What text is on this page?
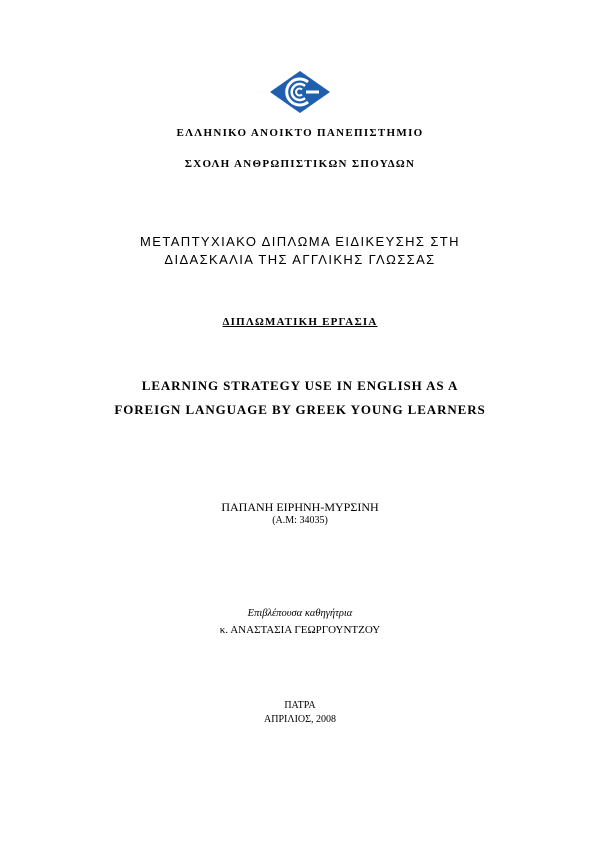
ΕΛΛΗΝΙΚΟ ΑΝΟΙΚΤΟ ΠΑΝΕΠΙΣΤΗΜΙΟ
ΣΧΟΛΗ ΑΝΘΡΩΠΙΣΤΙΚΩΝ ΣΠΟΥΔΩΝ
ΜΕΤΑΠΤΥΧΙΑΚΟ ΔΙΠΛΩΜΑ ΕΙΔΙΚΕΥΣΗΣ ΣΤΗ
ΔΙΔΑΣΚΑΛΙΑ ΤΗΣ ΑΓΓΛΙΚΗΣ ΓΛΩΣΣΑΣ
ΔΙΠΛΩΜΑΤΙΚΗ ΕΡΓΑΣΙΑ
LEARNING STRATEGY USE IN ENGLISH AS A
FOREIGN LANGUAGE BY GREEK YOUNG LEARNERS
ΠΑΠΑΝΗ ΕΙΡΗΝΗ-ΜΥΡΣΙΝΗ
(Α.Μ: 34035)
Επιβλέπουσα καθηγήτρια
κ. ΑΝΑΣΤΑΣΙΑ ΓΕΩΡΓΟΥΝΤΖΟΥ
ΠΑΤΡΑ
ΑΠΡΙΛΙΟΣ, 2008
